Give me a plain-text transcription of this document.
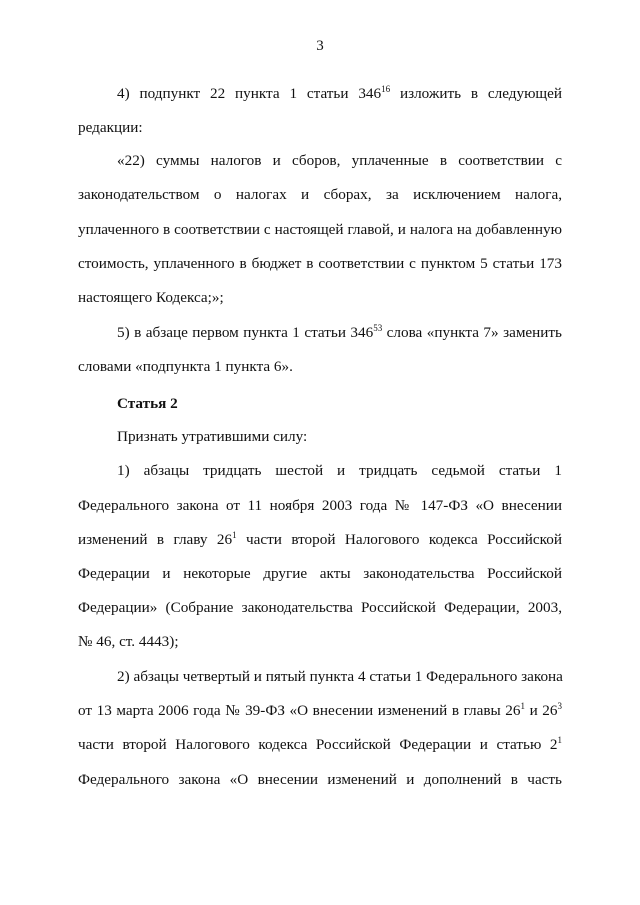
3
4) подпункт 22 пункта 1 статьи $346^{16}$ изложить в следующей
редакции:
«22) суммы налогов и сборов, уплаченные в соответствии с
законодательством о налогах и сборах, за исключением налога,
уплаченного в соответствии с настоящей главой, и налога на добавленную
стоимость, уплаченного в бюджет в соответствии с пунктом 5 статьи 173
настоящего Кодекса;»;
5) в абзаце первом пункта 1 статьи $346^{53}$ слова «пункта 7» заменить
словами «подпункта 1 пункта 6».
Статья 2
Признать утратившими силу:
1) абзацы тридцать шестой и тридцать седьмой статьи 1
Федерального закона от 11 ноября 2003 года № 147-ФЗ «О внесении
изменений в главу $26^1$ части второй Налогового кодекса Российской
Федерации и некоторые другие акты законодательства Российской
Федерации» (Собрание законодательства Российской Федерации, 2003,
№ 46, ст. 4443);
2) абзацы четвертый и пятый пункта 4 статьи 1 Федерального закона
от 13 марта 2006 года № 39-ФЗ «О внесении изменений в главы $26^1$ и $26^3$
части второй Налогового кодекса Российской Федерации и статью $2^1$
Федерального закона «О внесении изменений и дополнений в часть
